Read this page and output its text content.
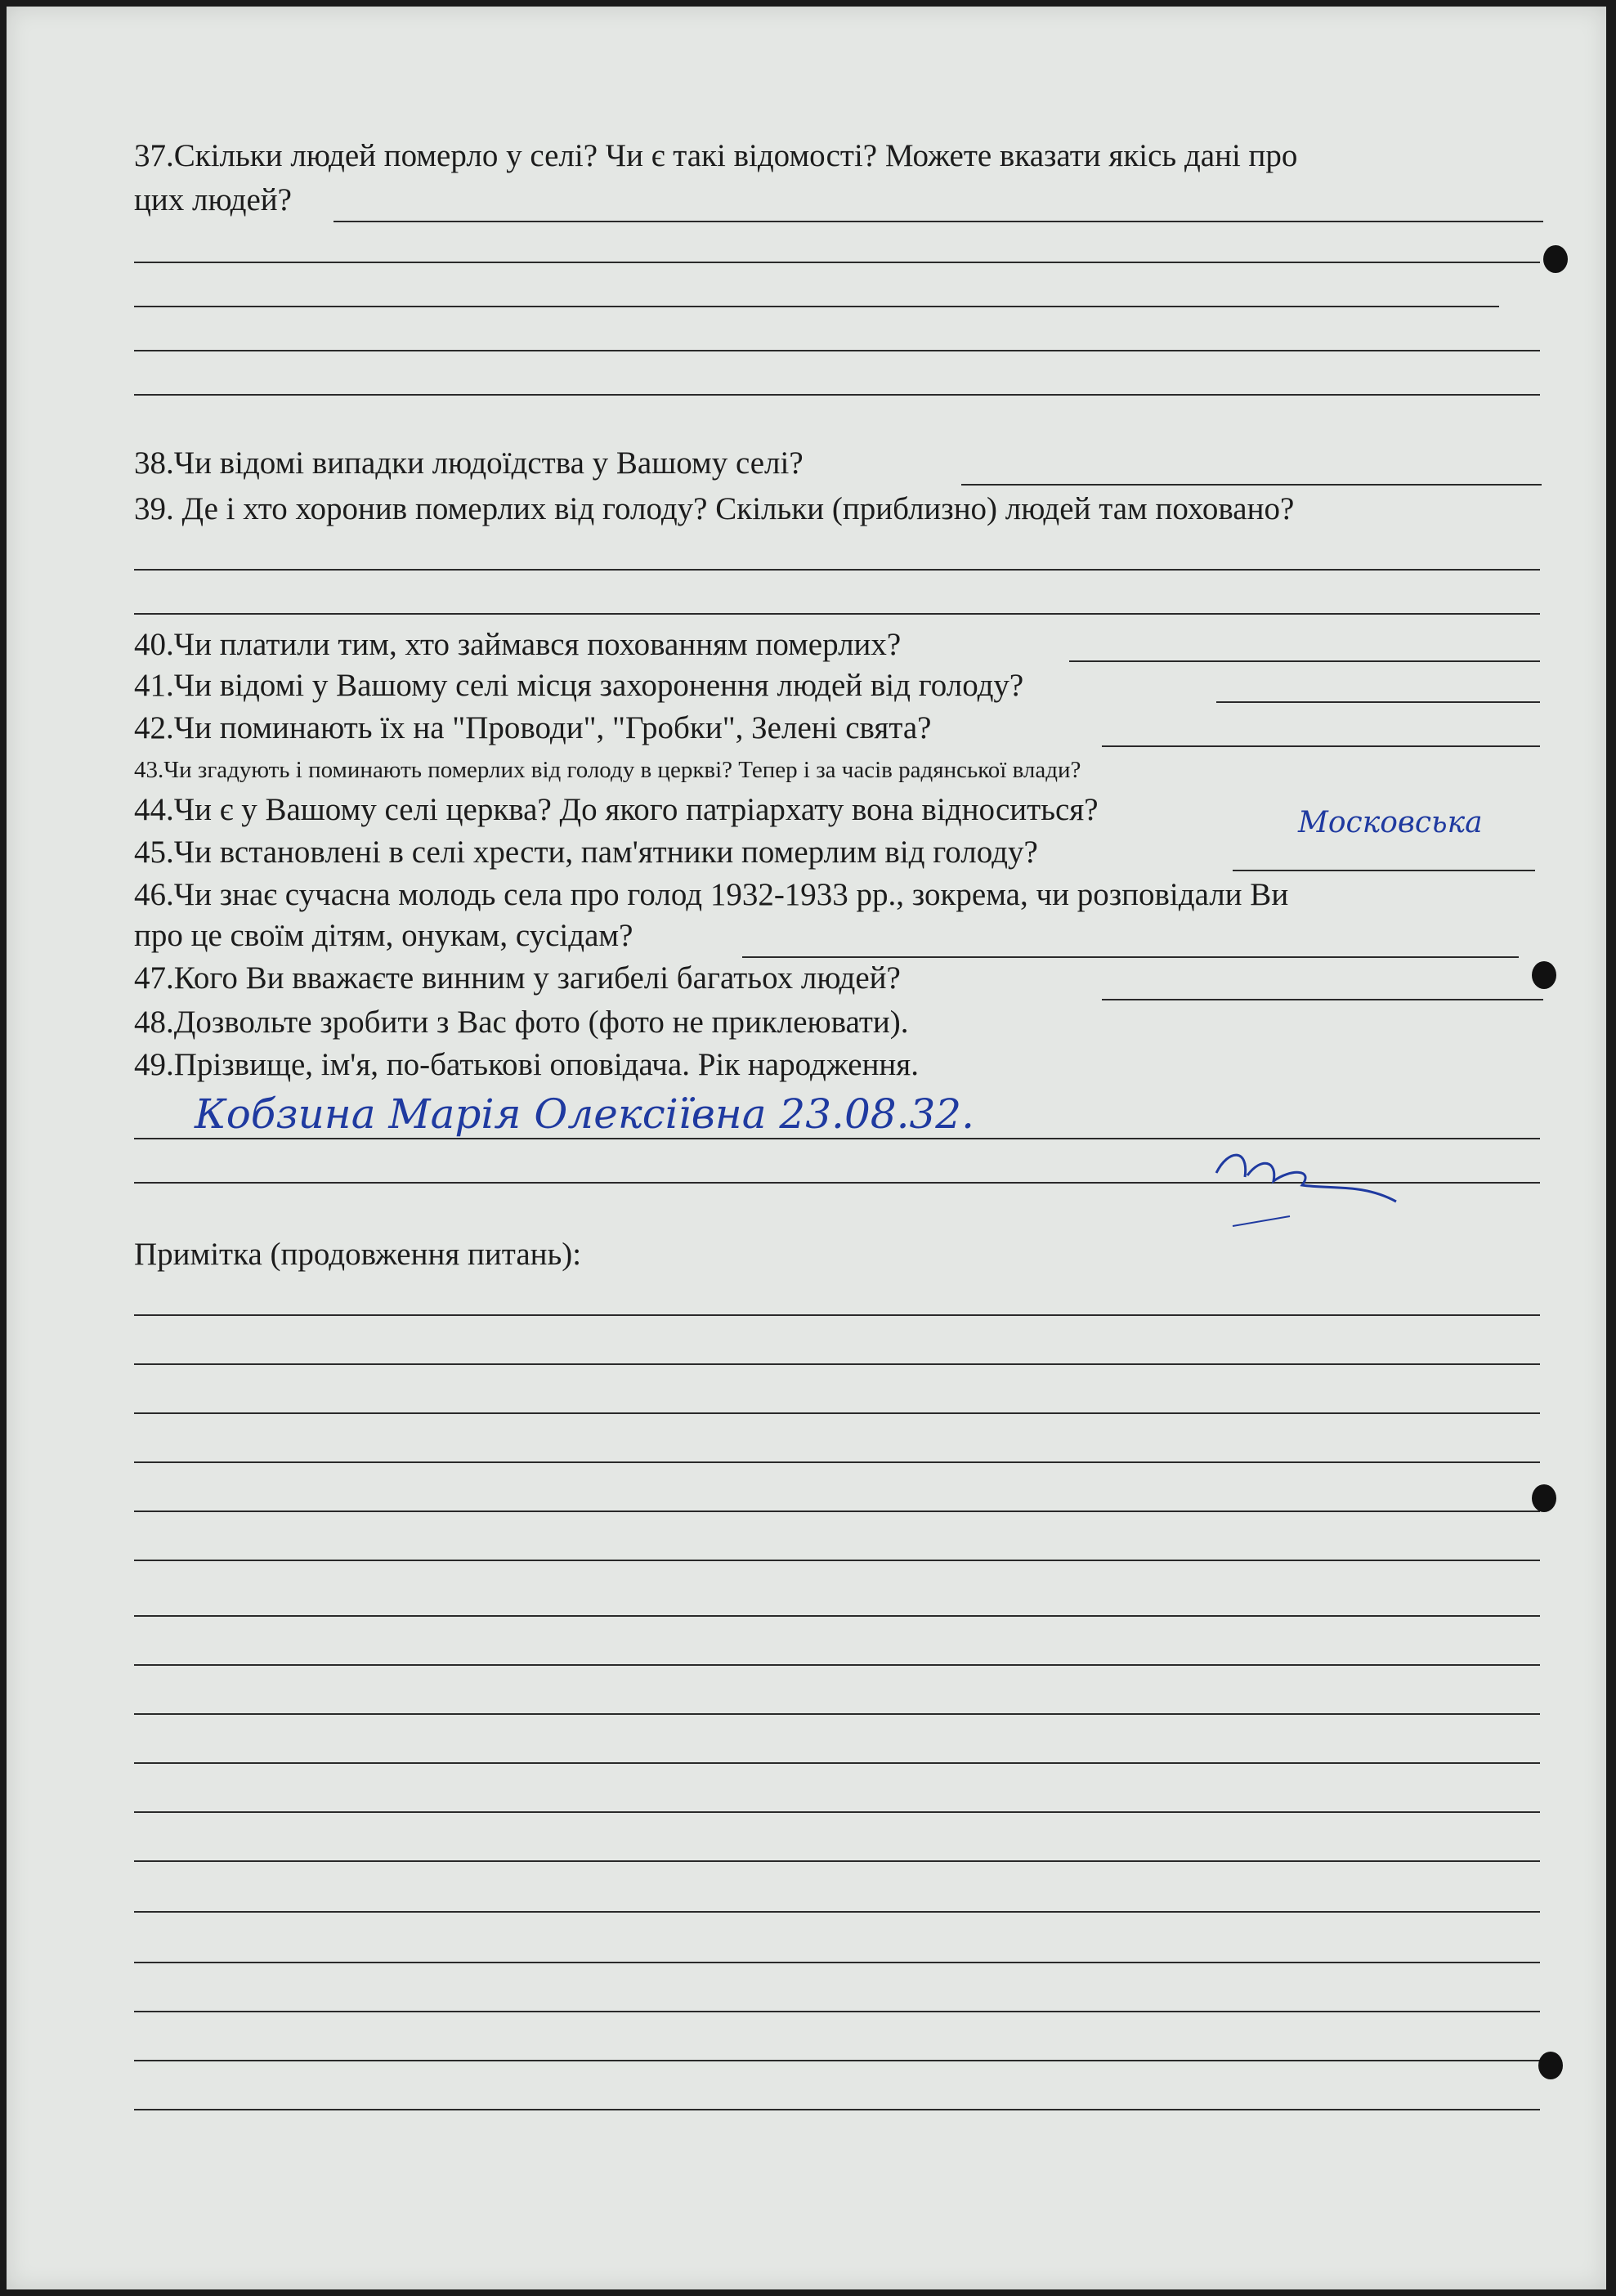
37.Скільки людей померло у селі? Чи є такі відомості? Можете вказати якісь дані про
цих людей?
38.Чи відомі випадки людоїдства у Вашому селі?
39. Де і хто хоронив померлих від голоду? Скільки (приблизно) людей там поховано?
40.Чи платили тим, хто займався похованням померлих?
41.Чи відомі у Вашому селі місця захоронення людей від голоду?
42.Чи поминають їх на "Проводи", "Гробки", Зелені свята?
43.Чи згадують і поминають померлих від голоду в церкві? Тепер і за часів радянської влади?
44.Чи є у Вашому селі церква? До якого патріархату вона відноситься?	Московська
45.Чи встановлені в селі хрести, пам'ятники померлим від голоду?
46.Чи знає сучасна молодь села про голод 1932-1933 рр., зокрема, чи розповідали Ви
про це своїм дітям, онукам, сусідам?
47.Кого Ви вважаєте винним у загибелі багатьох людей?
48.Дозвольте зробити з Вас фото (фото не приклеювати).
49.Прізвище, ім'я, по-батькові оповідача. Рік народження.
Кобзина Марія Олексіївна 23.08.32.
Примітка (продовження питань):
